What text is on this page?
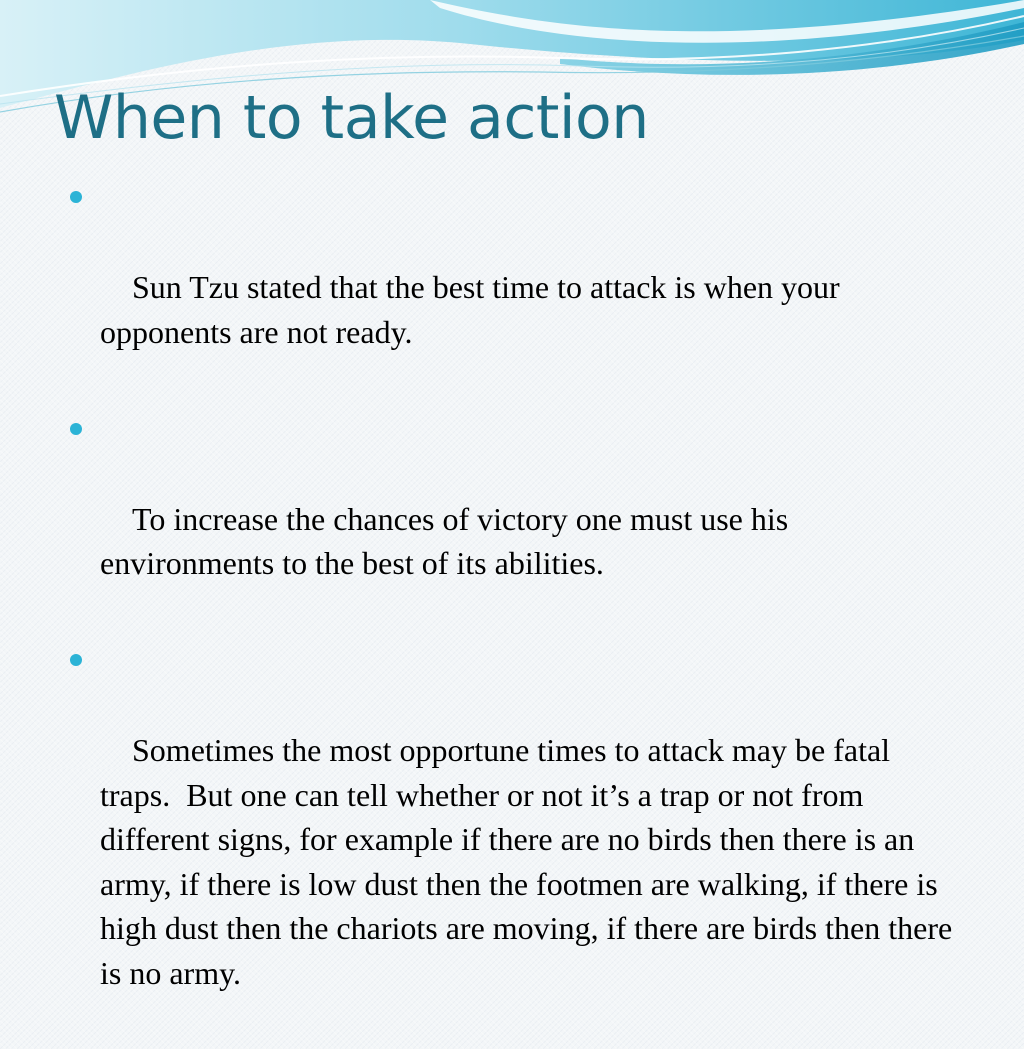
When to take action

Sun Tzu stated that the best time to attack is when your opponents are not ready.

To increase the chances of victory one must use his environments to the best of its abilities.

Sometimes the most opportune times to attack may be fatal traps.  But one can tell whether or not it’s a trap or not from different signs, for example if there are no birds then there is an army, if there is low dust then the footmen are walking, if there is high dust then the chariots are moving, if there are birds then there is no army.
